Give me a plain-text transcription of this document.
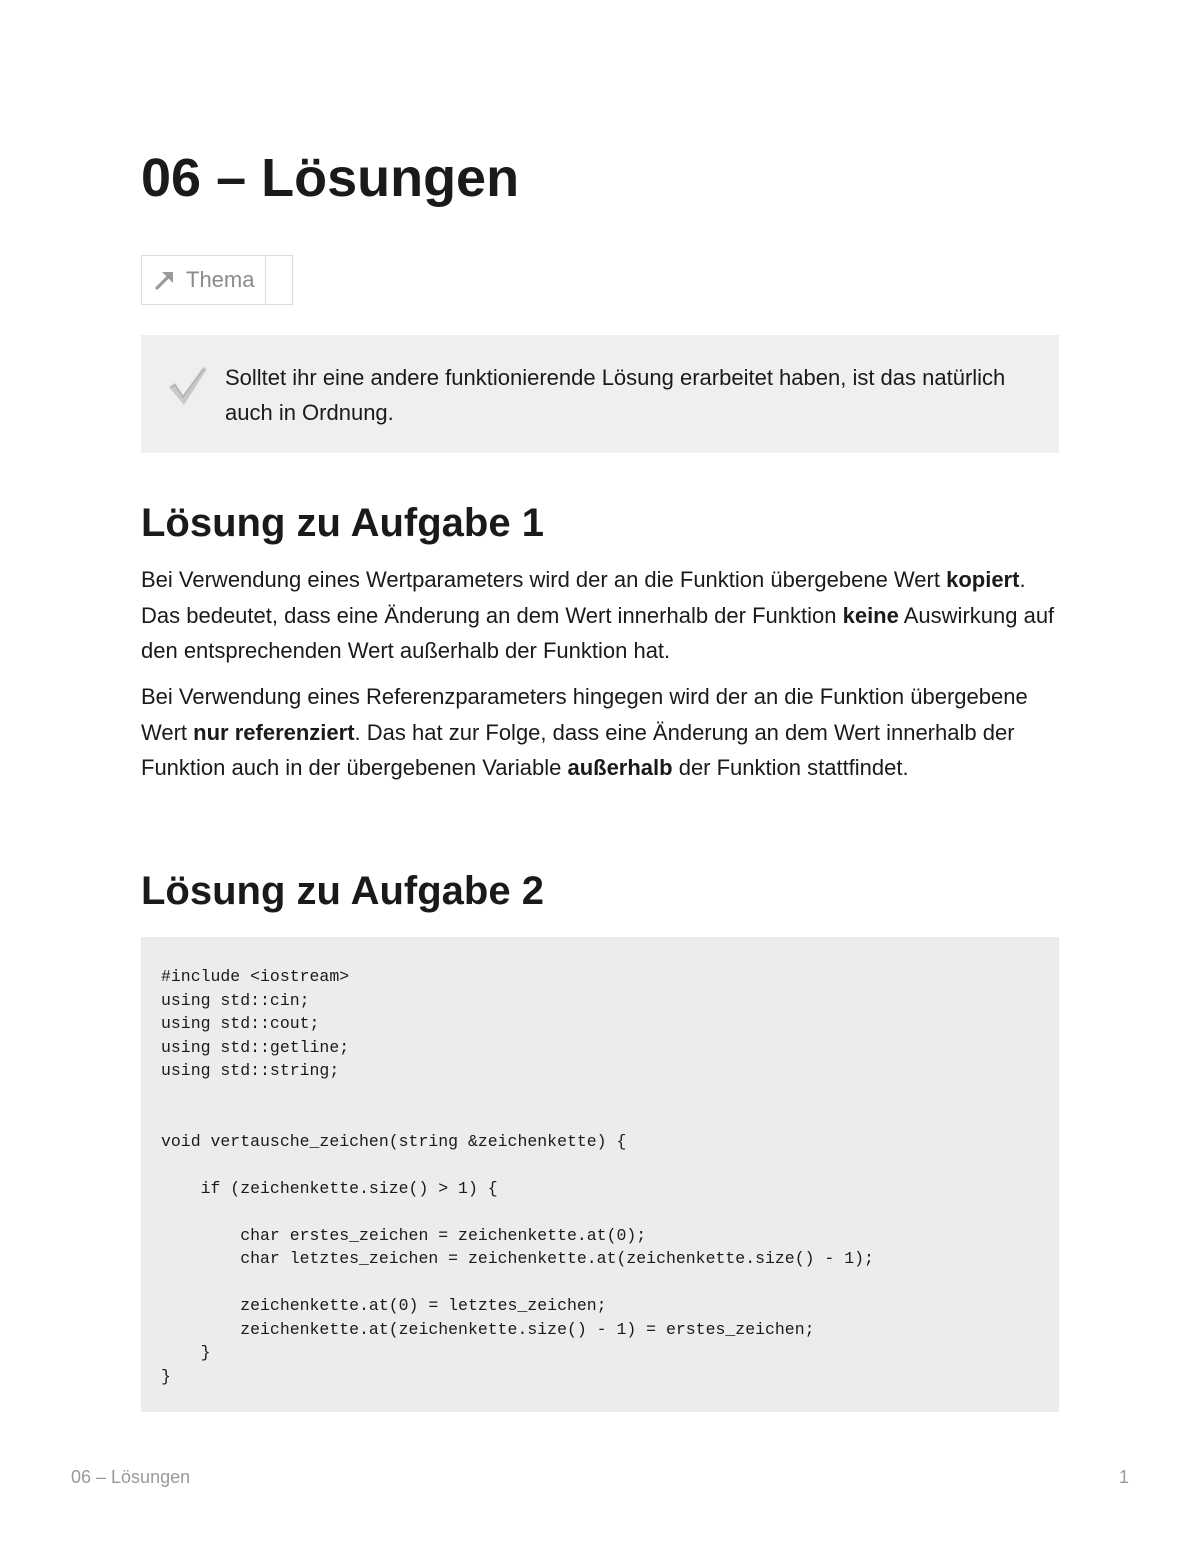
06 – Lösungen
Thema
Solltet ihr eine andere funktionierende Lösung erarbeitet haben, ist das natürlich auch in Ordnung.
Lösung zu Aufgabe 1

Bei Verwendung eines Wertparameters wird der an die Funktion übergebene Wert kopiert. Das bedeutet, dass eine Änderung an dem Wert innerhalb der Funktion keine Auswirkung auf den entsprechenden Wert außerhalb der Funktion hat.

Bei Verwendung eines Referenzparameters hingegen wird der an die Funktion übergebene Wert nur referenziert. Das hat zur Folge, dass eine Änderung an dem Wert innerhalb der Funktion auch in der übergebenen Variable außerhalb der Funktion stattfindet.

Lösung zu Aufgabe 2
#include <iostream>
using std::cin;
using std::cout;
using std::getline;
using std::string;

void vertausche_zeichen(string &zeichenkette) {

if (zeichenkette.size() > 1) {

char erstes_zeichen = zeichenkette.at(0);
char letztes_zeichen = zeichenkette.at(zeichenkette.size() - 1);

zeichenkette.at(0) = letztes_zeichen;
zeichenkette.at(zeichenkette.size() - 1) = erstes_zeichen;
}
}
06 – Lösungen	1
